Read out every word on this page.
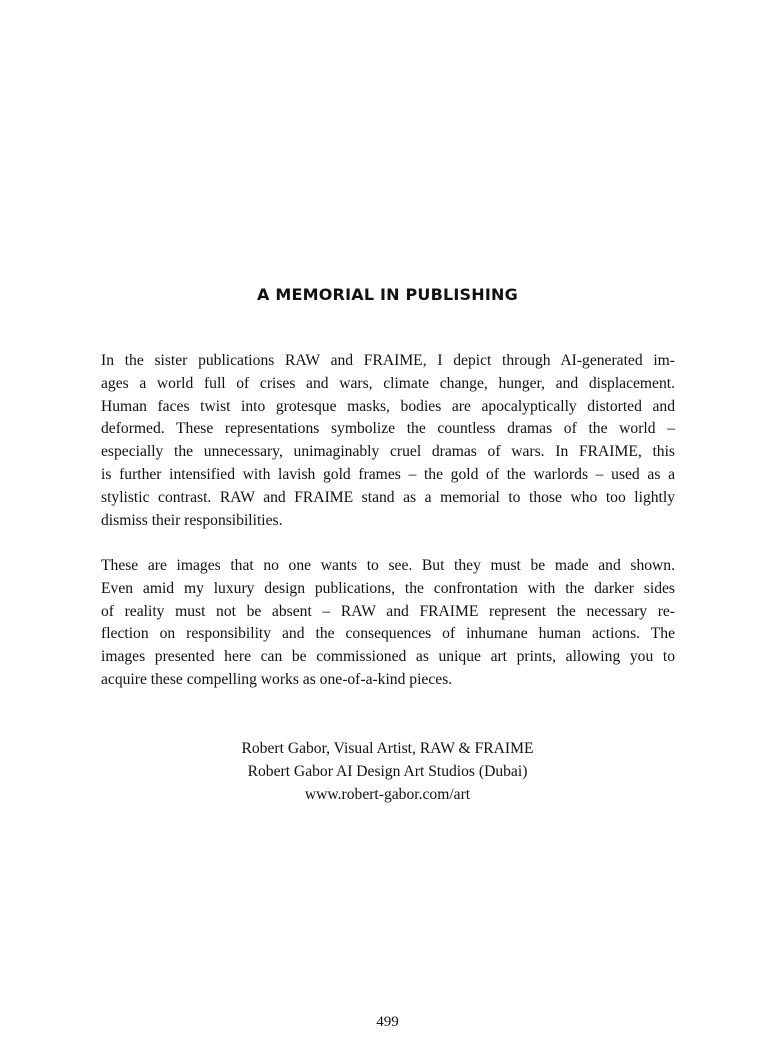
A MEMORIAL IN PUBLISHING

In the sister publications RAW and FRAIME, I depict through AI-generated im-
ages a world full of crises and wars, climate change, hunger, and displacement.
Human faces twist into grotesque masks, bodies are apocalyptically distorted and
deformed. These representations symbolize the countless dramas of the world –
especially the unnecessary, unimaginably cruel dramas of wars. In FRAIME, this
is further intensified with lavish gold frames – the gold of the warlords – used as a
stylistic contrast. RAW and FRAIME stand as a memorial to those who too lightly
dismiss their responsibilities.

These are images that no one wants to see. But they must be made and shown.
Even amid my luxury design publications, the confrontation with the darker sides
of reality must not be absent – RAW and FRAIME represent the necessary re-
flection on responsibility and the consequences of inhumane human actions. The
images presented here can be commissioned as unique art prints, allowing you to
acquire these compelling works as one-of-a-kind pieces.

Robert Gabor, Visual Artist, RAW & FRAIME
Robert Gabor AI Design Art Studios (Dubai)
www.robert-gabor.com/art
499
